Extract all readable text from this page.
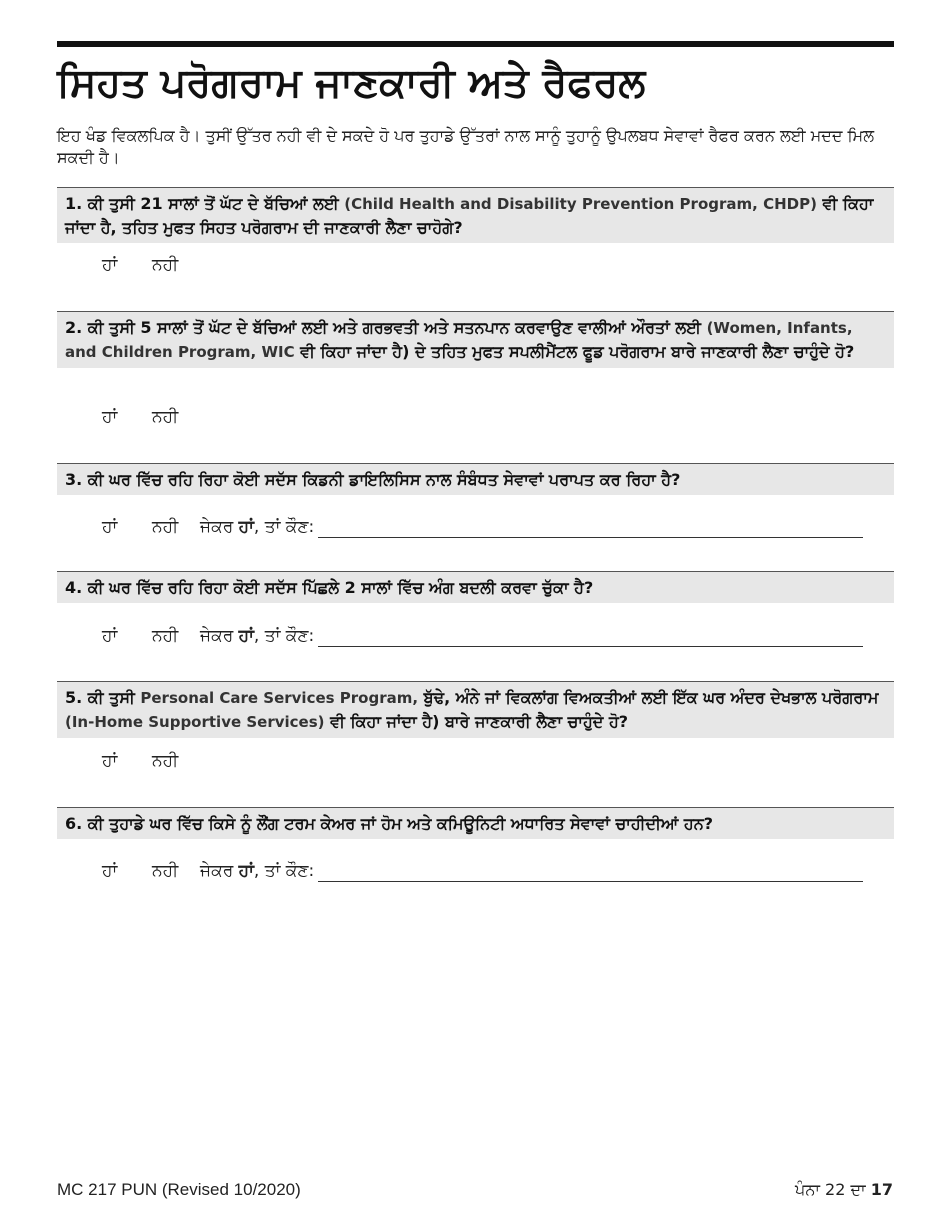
ਸਿਹਤ ਪਰੋਗਰਾਮ ਜਾਣਕਾਰੀ ਅਤੇ ਰੈਫਰਲ
ਇਹ ਖੰਡ ਵਿਕਲਪਿਕ ਹੈ। ਤੁਸੀਂ ਉੱਤਰ ਨਹੀ ਵੀ ਦੇ ਸਕਦੇ ਹੋ ਪਰ ਤੁਹਾਡੇ ਉੱਤਰਾਂ ਨਾਲ ਸਾਨੂੰ ਤੁਹਾਨੂੰ ਉਪਲਬਧ ਸੇਵਾਵਾਂ ਰੈਫਰ ਕਰਨ ਲਈ ਮਦਦ ਮਿਲ ਸਕਦੀ ਹੈ।
1. ਕੀ ਤੁਸੀ 21 ਸਾਲਾਂ ਤੋਂ ਘੱਟ ਦੇ ਬੱਚਿਆਂ ਲਈ (Child Health and Disability Prevention Program, CHDP) ਵੀ ਕਿਹਾ ਜਾਂਦਾ ਹੈ, ਤਹਿਤ ਮੁਫਤ ਸਿਹਤ ਪਰੋਗਰਾਮ ਦੀ ਜਾਣਕਾਰੀ ਲੈਣਾ ਚਾਹੋਗੇ?
ਹਾਂ	ਨਹੀ
2. ਕੀ ਤੁਸੀ 5 ਸਾਲਾਂ ਤੋਂ ਘੱਟ ਦੇ ਬੱਚਿਆਂ ਲਈ ਅਤੇ ਗਰਭਵਤੀ ਅਤੇ ਸਤਨਪਾਨ ਕਰਵਾਉਣ ਵਾਲੀਆਂ ਔਰਤਾਂ ਲਈ (Women, Infants, and Children Program, WIC ਵੀ ਕਿਹਾ ਜਾਂਦਾ ਹੈ) ਦੇ ਤਹਿਤ ਮੁਫਤ ਸਪਲੀਮੈਂਟਲ ਫੂਡ ਪਰੋਗਰਾਮ ਬਾਰੇ ਜਾਣਕਾਰੀ ਲੈਣਾ ਚਾਹੁੰਦੇ ਹੋ?
ਹਾਂ	ਨਹੀ
3. ਕੀ ਘਰ ਵਿੱਚ ਰਹਿ ਰਿਹਾ ਕੋਈ ਸਦੱਸ ਕਿਡਨੀ ਡਾਇਲਿਸਿਸ ਨਾਲ ਸੰਬੰਧਤ ਸੇਵਾਵਾਂ ਪਰਾਪਤ ਕਰ ਰਿਹਾ ਹੈ?
ਹਾਂ	ਨਹੀ	ਜੇਕਰ ਹਾਂ, ਤਾਂ ਕੌਣ:
4. ਕੀ ਘਰ ਵਿੱਚ ਰਹਿ ਰਿਹਾ ਕੋਈ ਸਦੱਸ ਪਿੱਛਲੇ 2 ਸਾਲਾਂ ਵਿੱਚ ਅੰਗ ਬਦਲੀ ਕਰਵਾ ਚੁੱਕਾ ਹੈ?
ਹਾਂ	ਨਹੀ	ਜੇਕਰ ਹਾਂ, ਤਾਂ ਕੌਣ:
5. ਕੀ ਤੁਸੀ Personal Care Services Program, ਬੁੱਢੇ, ਅੰਨੇ ਜਾਂ ਵਿਕਲਾਂਗ ਵਿਅਕਤੀਆਂ ਲਈ ਇੱਕ ਘਰ ਅੰਦਰ ਦੇਖਭਾਲ ਪਰੋਗਰਾਮ (In-Home Supportive Services) ਵੀ ਕਿਹਾ ਜਾਂਦਾ ਹੈ) ਬਾਰੇ ਜਾਣਕਾਰੀ ਲੈਣਾ ਚਾਹੁੰਦੇ ਹੋ?
ਹਾਂ	ਨਹੀ
6. ਕੀ ਤੁਹਾਡੇ ਘਰ ਵਿੱਚ ਕਿਸੇ ਨੂੰ ਲੌਂਗ ਟਰਮ ਕੇਅਰ ਜਾਂ ਹੋਮ ਅਤੇ ਕਮਿਊਨਿਟੀ ਅਧਾਰਿਤ ਸੇਵਾਵਾਂ ਚਾਹੀਦੀਆਂ ਹਨ?
ਹਾਂ	ਨਹੀ	ਜੇਕਰ ਹਾਂ, ਤਾਂ ਕੌਣ:
MC 217 PUN (Revised 10/2020)	ਪੰਨਾ 22 ਦਾ 17
